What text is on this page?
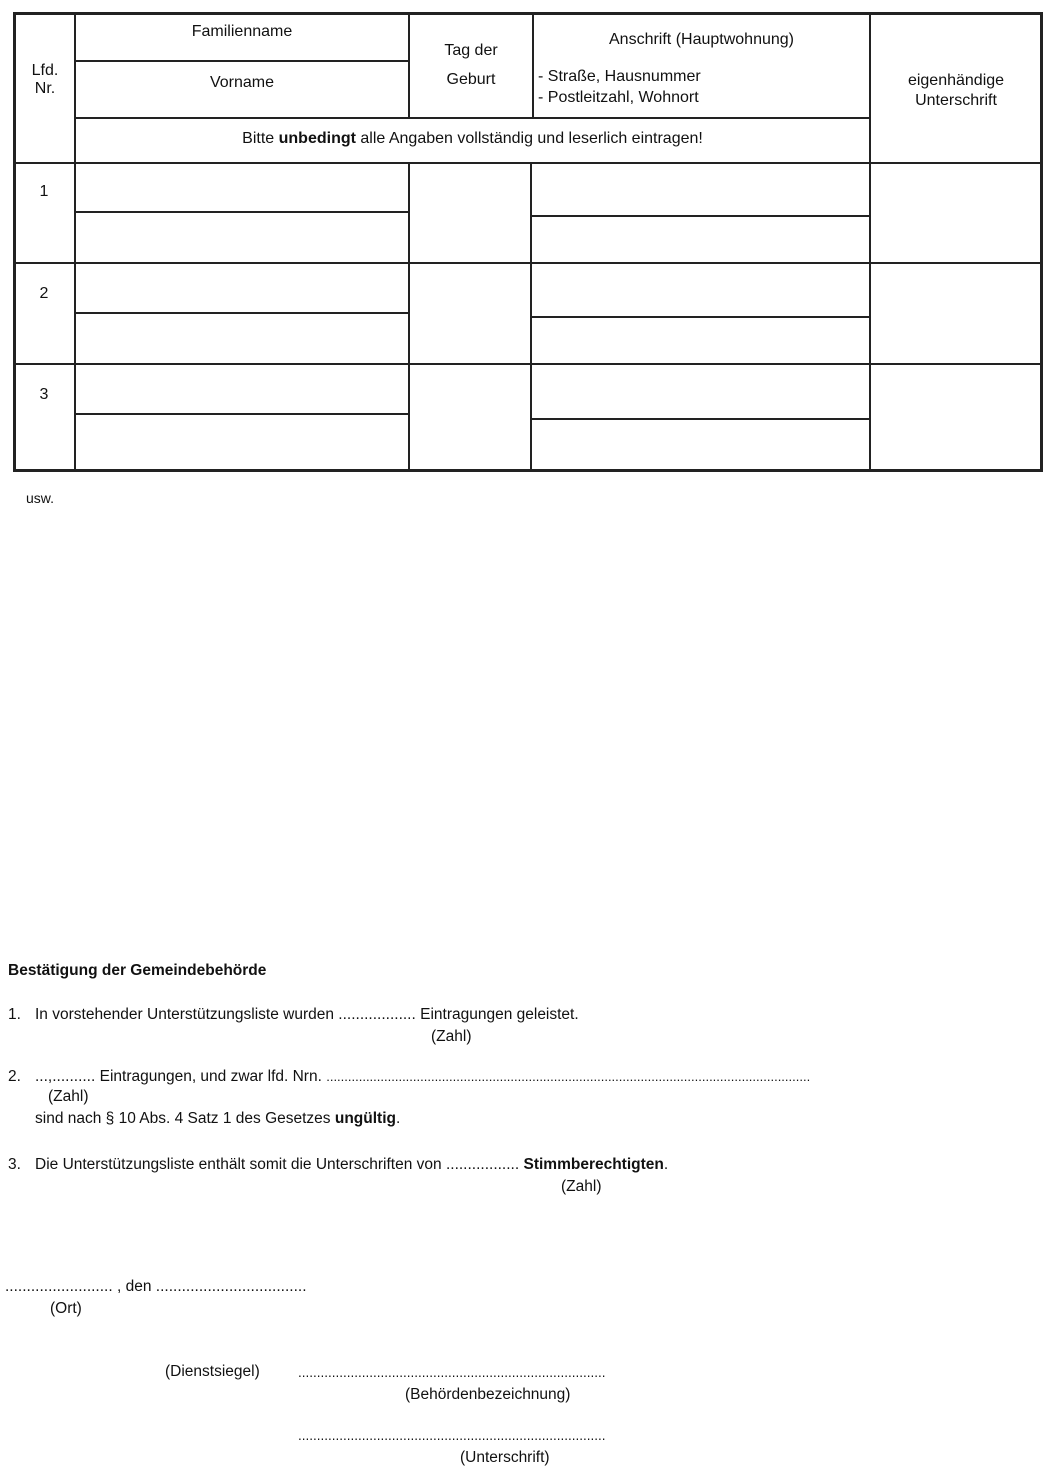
Lfd.
Nr.
Familienname
Vorname
Tag der
Geburt
Anschrift (Hauptwohnung)
- Straße, Hausnummer
- Postleitzahl, Wohnort
eigenhändige
Unterschrift
Bitte unbedingt alle Angaben vollständig und leserlich eintragen!
1
2
3
usw.
Bestätigung der Gemeindebehörde
1. In vorstehender Unterstützungsliste wurden .................. Eintragungen geleistet.
(Zahl)
2. ...,.......... Eintragungen, und zwar lfd. Nrn. ......................................................................................................................................
(Zahl)
sind nach § 10 Abs. 4 Satz 1 des Gesetzes ungültig.
3. Die Unterstützungsliste enthält somit die Unterschriften von ................. Stimmberechtigten.
(Zahl)
......................... , den ...................................
(Ort)
(Dienstsiegel)	..................................................................................
(Behördenbezeichnung)
..................................................................................
(Unterschrift)
